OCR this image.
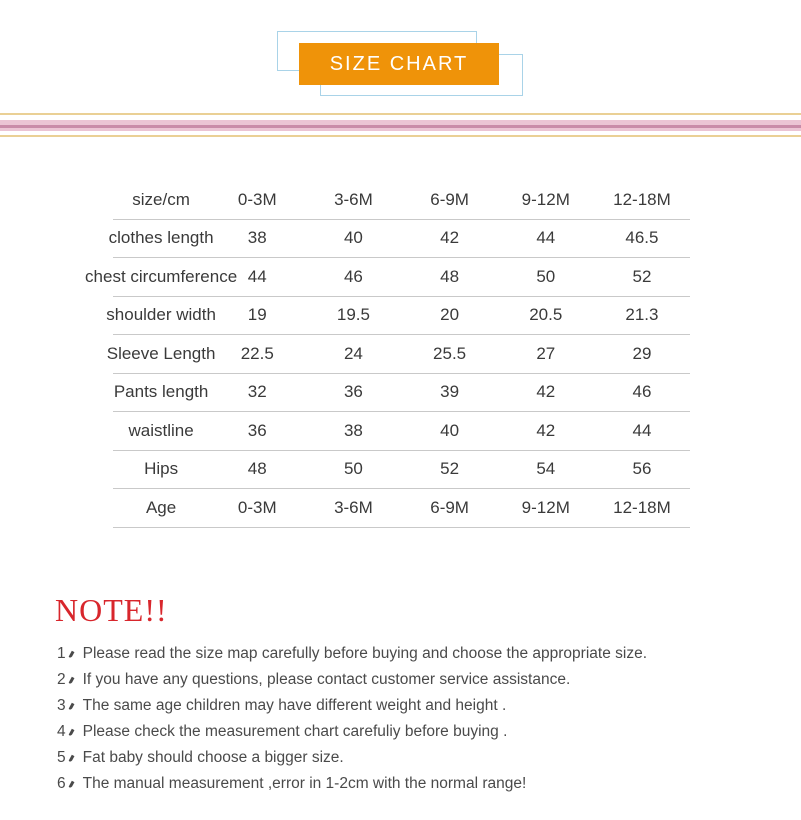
SIZE CHART
size/cm	0-3M	3-6M	6-9M	9-12M	12-18M
clothes length	38	40	42	44	46.5
chest circumference 44	46	48	50	52
shoulder width	19	19.5	20	20.5	21.3
Sleeve Length	22.5	24	25.5	27	29
Pants length	32	36	39	42	46
waistline	36	38	40	42	44
Hips	48	50	52	54	56
Age	0-3M	3-6M	6-9M	9-12M	12-18M
NOTE!!
1 Please read the size map carefully before buying and choose the appropriate size.
2 If you have any questions, please contact customer service assistance.
3 The same age children may have different weight and height .
4 Please check the measurement chart carefuliy before buying .
5 Fat baby should choose a bigger size.
6 The manual measurement ,error in 1-2cm with the normal range!
